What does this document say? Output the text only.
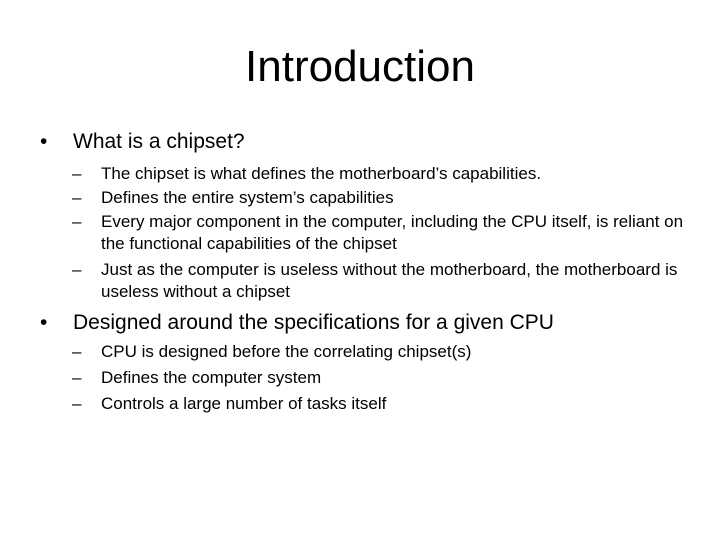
Introduction
•	What is a chipset?
–	The chipset is what defines the motherboard’s capabilities.
–	Defines the entire system’s capabilities
–	Every major component in the computer, including the CPU itself, is reliant on the functional capabilities of the chipset
–	Just as the computer is useless without the motherboard, the motherboard is useless without a chipset
•	Designed around the specifications for a given CPU
–	CPU is designed before the correlating chipset(s)
–	Defines the computer system
–	Controls a large number of tasks itself
